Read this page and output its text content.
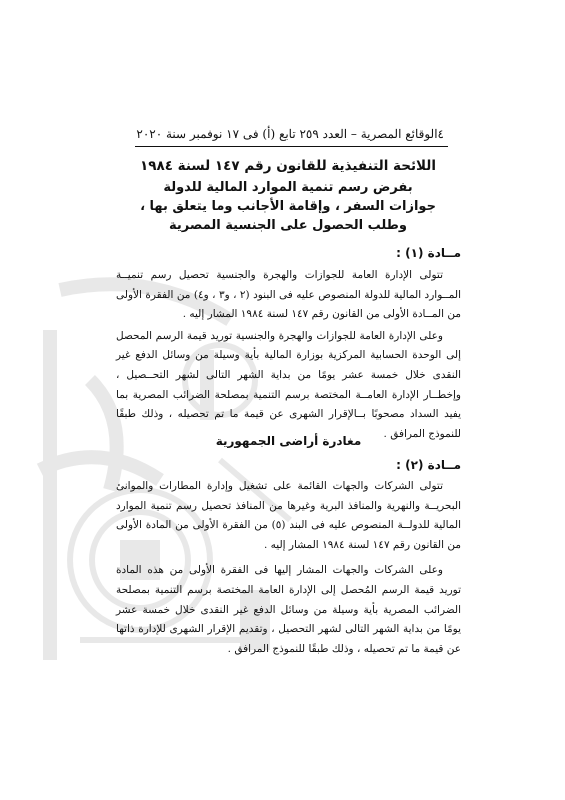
٤
الوقائع المصرية – العدد ٢٥٩ تابع (أ) فى ١٧ نوفمبر سنة ٢٠٢٠
اللائحة التنفيذية للقانون رقم ١٤٧ لسنة ١٩٨٤
بفرض رسم تنمية الموارد المالية للدولة
جوازات السفر ، وإقامة الأجانب وما يتعلق بها ،
وطلب الحصول على الجنسية المصرية
مــادة (١) :
تتولى الإدارة العامة للجوازات والهجرة والجنسية تحصيل رسم تنميــة المــوارد المالية للدولة المنصوص عليه فى البنود (٢ ، و٣ ، و٤) من الفقرة الأولى من المــادة الأولى من القانون رقم ١٤٧ لسنة ١٩٨٤ المشار إليه .
وعلى الإدارة العامة للجوازات والهجرة والجنسية توريد قيمة الرسم المحصل إلى الوحدة الحسابية المركزية بوزارة المالية بأية وسيلة من وسائل الدفع غير النقدى خلال خمسة عشر يومًا من بداية الشهر التالى لشهر التحــصيل ، وإخطــار الإدارة العامــة المختصة برسم التنمية بمصلحة الضرائب المصرية بما يفيد السداد مصحوبًا بــالإقرار الشهرى عن قيمة ما تم تحصيله ، وذلك طبقًا للنموذج المرافق .
مغادرة أراضى الجمهورية
مــادة (٢) :
تتولى الشركات والجهات القائمة على تشغيل وإدارة المطارات والموانئ البحريــة والنهرية والمنافذ البرية وغيرها من المنافذ تحصيل رسم تنمية الموارد المالية للدولــة المنصوص عليه فى البند (٥) من الفقرة الأولى من المادة الأولى من القانون رقم ١٤٧ لسنة ١٩٨٤ المشار إليه .
وعلى الشركات والجهات المشار إليها فى الفقرة الأولى من هذه المادة توريد قيمة الرسم المُحصل إلى الإدارة العامة المختصة برسم التنمية بمصلحة الضرائب المصرية بأية وسيلة من وسائل الدفع غير النقدى خلال خمسة عشر يومًا من بداية الشهر التالى لشهر التحصيل ، وتقديم الإقرار الشهرى للإدارة ذاتها عن قيمة ما تم تحصيله ، وذلك طبقًا للنموذج المرافق .
